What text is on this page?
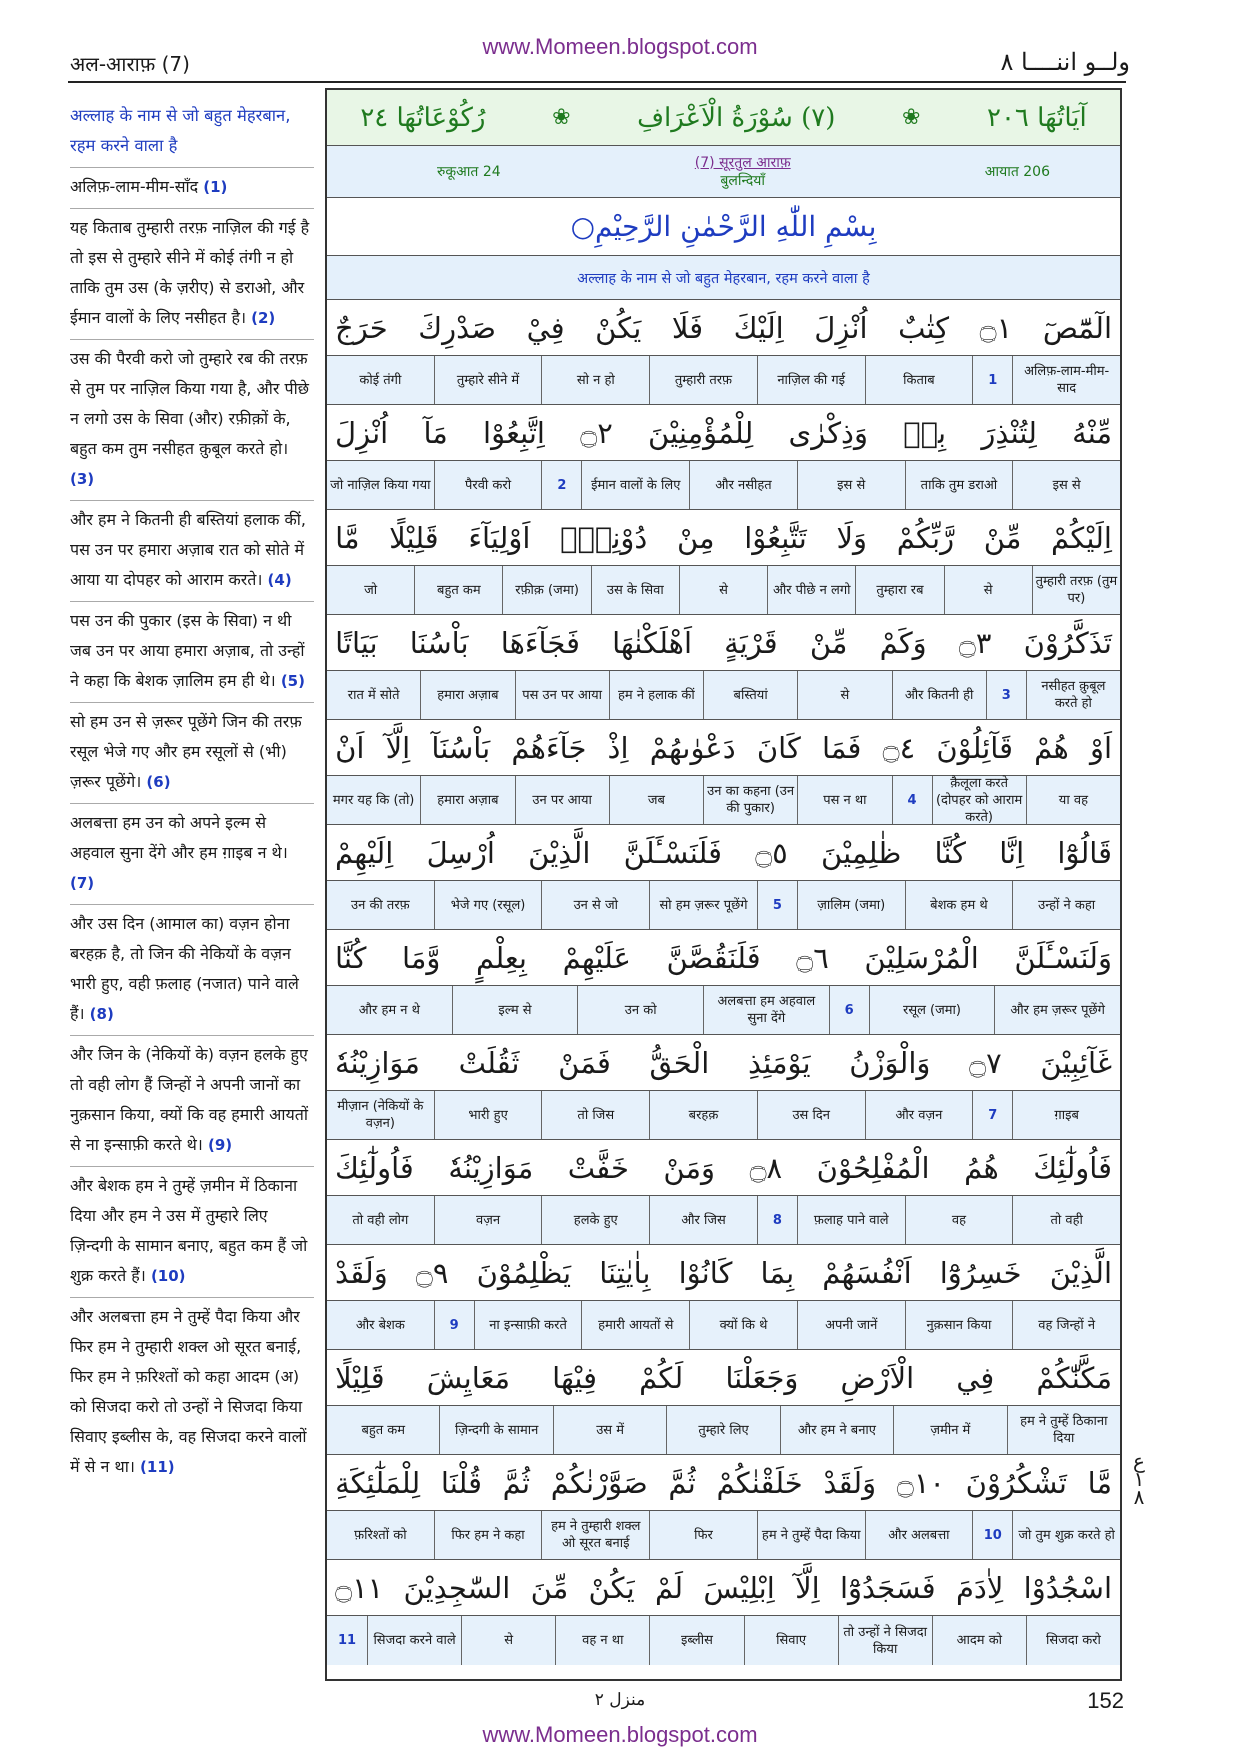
अल-आराफ़ (7)
www.Momeen.blogspot.com
ولــو اننــــا ٨
अल्लाह के नाम से जो बहुत मेहरबान, रहम करने वाला है
अलिफ़-लाम-मीम-साँद (1)
यह किताब तुम्हारी तरफ़ नाज़िल की गई है तो इस से तुम्हारे सीने में कोई तंगी न हो ताकि तुम उस (के ज़रीए) से डराओ, और ईमान वालों के लिए नसीहत है। (2)
उस की पैरवी करो जो तुम्हारे रब की तरफ़ से तुम पर नाज़िल किया गया है, और पीछे न लगो उस के सिवा (और) रफ़ीक़ों के, बहुत कम तुम नसीहत क़ुबूल करते हो। (3)
और हम ने कितनी ही बस्तियां हलाक कीं, पस उन पर हमारा अज़ाब रात को सोते में आया या दोपहर को आराम करते। (4)
पस उन की पुकार (इस के सिवा) न थी जब उन पर आया हमारा अज़ाब, तो उन्हों ने कहा कि बेशक ज़ालिम हम ही थे। (5)
सो हम उन से ज़रूर पूछेंगे जिन की तरफ़ रसूल भेजे गए और हम रसूलों से (भी) ज़रूर पूछेंगे। (6)
अलबत्ता हम उन को अपने इल्म से अहवाल सुना देंगे और हम ग़ाइब न थे। (7)
और उस दिन (आमाल का) वज़न होना बरहक़ है, तो जिन की नेकियों के वज़न भारी हुए, वही फ़लाह (नजात) पाने वाले हैं। (8)
और जिन के (नेकियों के) वज़न हलके हुए तो वही लोग हैं जिन्हों ने अपनी जानों का नुक़सान किया, क्यों कि वह हमारी आयतों से ना इन्साफ़ी करते थे। (9)
और बेशक हम ने तुम्हें ज़मीन में ठिकाना दिया और हम ने उस में तुम्हारे लिए ज़िन्दगी के सामान बनाए, बहुत कम हैं जो शुक्र करते हैं। (10)
और अलबत्ता हम ने तुम्हें पैदा किया और फिर हम ने तुम्हारी शक्ल ओ सूरत बनाई, फिर हम ने फ़रिश्तों को कहा आदम (अ) को सिजदा करो तो उन्हों ने सिजदा किया सिवाए इब्लीस के, वह सिजदा करने वालों में से न था। (11)
آيَاتُهَا ٢٠٦
❀
(٧) سُوْرَةُ الْاَعْرَافِ
❀
رُكُوْعَاتُهَا ٢٤
रुकूआत 24
(7) सूरतुल आराफ़
बुलन्दियाँ
आयात 206
بِسْمِ اللّٰهِ الرَّحْمٰنِ الرَّحِيْمِ○
अल्लाह के नाम से जो बहुत मेहरबान, रहम करने वाला है
الٓمّٓصٓ
۝١
كِتٰبٌ
اُنْزِلَ
اِلَيْكَ
فَلَا
يَكُنْ
فِيْ
صَدْرِكَ
حَرَجٌ
अलिफ़-लाम-मीम-साद
1
किताब
नाज़िल की गई
तुम्हारी तरफ़
सो न हो
तुम्हारे सीने में
कोई तंगी
مِّنْهُ
لِتُنْذِرَ
بِهٖ
وَذِكْرٰى
لِلْمُؤْمِنِيْنَ
۝٢
اِتَّبِعُوْا
مَآ
اُنْزِلَ
इस से
ताकि तुम डराओ
इस से
और नसीहत
ईमान वालों के लिए
2
पैरवी करो
जो नाज़िल किया गया
اِلَيْكُمْ
مِّنْ
رَّبِّكُمْ
وَلَا
تَتَّبِعُوْا
مِنْ
دُوْنِهٖٓ
اَوْلِيَآءَ
قَلِيْلًا
مَّا
तुम्हारी तरफ़ (तुम पर)
से
तुम्हारा रब
और पीछे न लगो
से
उस के सिवा
रफ़ीक़ (जमा)
बहुत कम
जो
تَذَكَّرُوْنَ
۝٣
وَكَمْ
مِّنْ
قَرْيَةٍ
اَهْلَكْنٰهَا
فَجَآءَهَا
بَاْسُنَا
بَيَاتًا
नसीहत क़ुबूल करते हो
3
और कितनी ही
से
बस्तियां
हम ने हलाक कीं
पस उन पर आया
हमारा अज़ाब
रात में सोते
اَوْ
هُمْ
قَآئِلُوْنَ
۝٤
فَمَا
كَانَ
دَعْوٰىهُمْ
اِذْ
جَآءَهُمْ
بَاْسُنَآ
اِلَّآ
اَنْ
या वह
क़ैलूला करते (दोपहर को आराम करते)
4
पस न था
उन का कहना (उन की पुकार)
जब
उन पर आया
हमारा अज़ाब
मगर यह कि (तो)
قَالُوْٓا
اِنَّا
كُنَّا
ظٰلِمِيْنَ
۝٥
فَلَنَسْـَٔلَنَّ
الَّذِيْنَ
اُرْسِلَ
اِلَيْهِمْ
उन्हों ने कहा
बेशक हम थे
ज़ालिम (जमा)
5
सो हम ज़रूर पूछेंगे
उन से जो
भेजे गए (रसूल)
उन की तरफ़
وَلَنَسْـَٔلَنَّ
الْمُرْسَلِيْنَ
۝٦
فَلَنَقُصَّنَّ
عَلَيْهِمْ
بِعِلْمٍ
وَّمَا
كُنَّا
और हम ज़रूर पूछेंगे
रसूल (जमा)
6
अलबत्ता हम अहवाल सुना देंगे
उन को
इल्म से
और हम न थे
غَآئِبِيْنَ
۝٧
وَالْوَزْنُ
يَوْمَئِذِ
الْحَقُّ
فَمَنْ
ثَقُلَتْ
مَوَازِيْنُهٗ
ग़ाइब
7
और वज़न
उस दिन
बरहक़
तो जिस
भारी हुए
मीज़ान (नेकियों के वज़न)
فَاُولٰٓئِكَ
هُمُ
الْمُفْلِحُوْنَ
۝٨
وَمَنْ
خَفَّتْ
مَوَازِيْنُهٗ
فَاُولٰٓئِكَ
तो वही
वह
फ़लाह पाने वाले
8
और जिस
हलके हुए
वज़न
तो वही लोग
الَّذِيْنَ
خَسِرُوْٓا
اَنْفُسَهُمْ
بِمَا
كَانُوْا
بِاٰيٰتِنَا
يَظْلِمُوْنَ
۝٩
وَلَقَدْ
वह जिन्हों ने
नुक़सान किया
अपनी जानें
क्यों कि थे
हमारी आयतों से
ना इन्साफ़ी करते
9
और बेशक
مَكَّنّٰكُمْ
فِي
الْاَرْضِ
وَجَعَلْنَا
لَكُمْ
فِيْهَا
مَعَايِشَ
قَلِيْلًا
हम ने तुम्हें ठिकाना दिया
ज़मीन में
और हम ने बनाए
तुम्हारे लिए
उस में
ज़िन्दगी के सामान
बहुत कम
مَّا
تَشْكُرُوْنَ
۝١٠
وَلَقَدْ
خَلَقْنٰكُمْ
ثُمَّ
صَوَّرْنٰكُمْ
ثُمَّ
قُلْنَا
لِلْمَلٰٓئِكَةِ
जो तुम शुक्र करते हो
10
और अलबत्ता
हम ने तुम्हें पैदा किया
फिर
हम ने तुम्हारी शक्ल ओ सूरत बनाई
फिर हम ने कहा
फ़रिश्तों को
اسْجُدُوْا
لِاٰدَمَ
فَسَجَدُوْٓا
اِلَّآ
اِبْلِيْسَ
لَمْ
يَكُنْ
مِّنَ
السّٰجِدِيْنَ
۝١١
सिजदा करो
आदम को
तो उन्हों ने सिजदा किया
सिवाए
इब्लीस
वह न था
से
सिजदा करने वाले
11
ع ١ ٨
منزل ٢	152
www.Momeen.blogspot.com
